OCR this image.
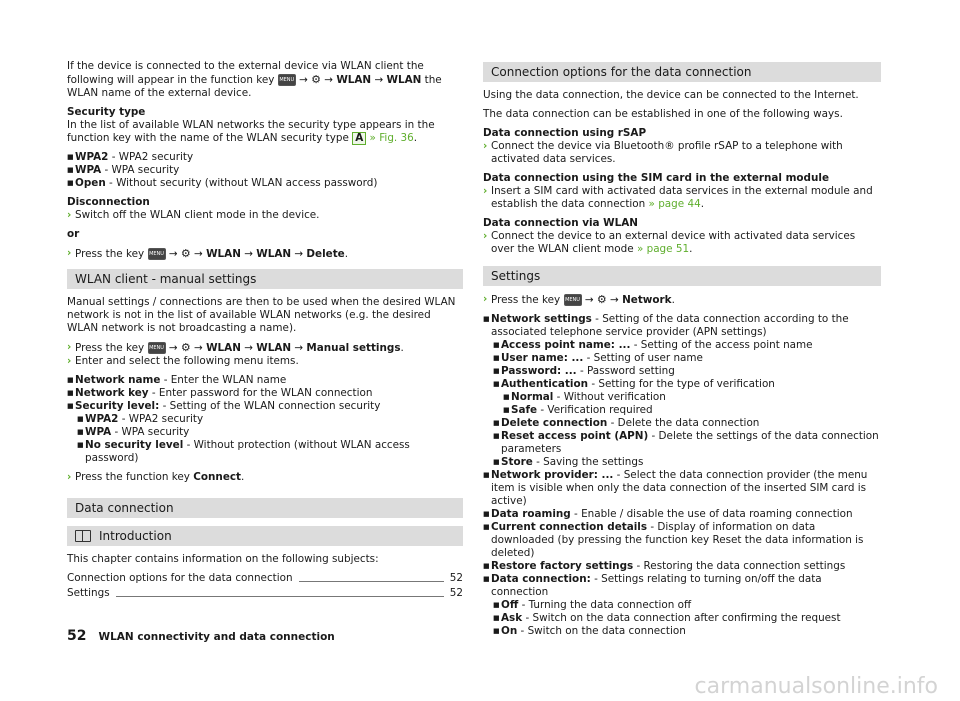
If the device is connected to the external device via WLAN client the following will appear in the function key MENU → ⚙ → WLAN → WLAN the WLAN name of the external device.

Security type

In the list of available WLAN networks the security type appears in the function key with the name of the WLAN security type A » Fig. 36.

■ WPA2 - WPA2 security
■ WPA - WPA security
■ Open - Without security (without WLAN access password)
Disconnection
› Switch off the WLAN client mode in the device.

or

› Press the key MENU → ⚙ → WLAN → WLAN → Delete.
WLAN client - manual settings

Manual settings / connections are then to be used when the desired WLAN network is not in the list of available WLAN networks (e.g. the desired WLAN network is not broadcasting a name).

› Press the key MENU → ⚙ → WLAN → WLAN → Manual settings.
› Enter and select the following menu items.
■ Network name - Enter the WLAN name
■ Network key - Enter password for the WLAN connection
■ Security level: - Setting of the WLAN connection security
■ WPA2 - WPA2 security
■ WPA - WPA security
■ No security level - Without protection (without WLAN access password)
› Press the function key Connect.
Data connection
Introduction

This chapter contains information on the following subjects:

Connection options for the data connection	52
Settings	52
Connection options for the data connection

Using the data connection, the device can be connected to the Internet.

The data connection can be established in one of the following ways.

Data connection using rSAP
› Connect the device via Bluetooth® profile rSAP to a telephone with activated data services.
Data connection using the SIM card in the external module
› Insert a SIM card with activated data services in the external module and establish the data connection » page 44.
Data connection via WLAN
› Connect the device to an external device with activated data services over the WLAN client mode » page 51.
Settings
› Press the key MENU → ⚙ → Network.
■ Network settings - Setting of the data connection according to the associated telephone service provider (APN settings)
■ Access point name: ... - Setting of the access point name
■ User name: ... - Setting of user name
■ Password: ... - Password setting
■ Authentication - Setting for the type of verification
■ Normal - Without verification
■ Safe - Verification required
■ Delete connection - Delete the data connection
■ Reset access point (APN) - Delete the settings of the data connection parameters
■ Store - Saving the settings
■ Network provider: ... - Select the data connection provider (the menu item is visible when only the data connection of the inserted SIM card is active)
■ Data roaming - Enable / disable the use of data roaming connection
■ Current connection details - Display of information on data downloaded (by pressing the function key Reset the data information is deleted)
■ Restore factory settings - Restoring the data connection settings
■ Data connection: - Settings relating to turning on/off the data connection
■ Off - Turning the data connection off
■ Ask - Switch on the data connection after confirming the request
■ On - Switch on the data connection
52 WLAN connectivity and data connection
carmanualsonline.info
